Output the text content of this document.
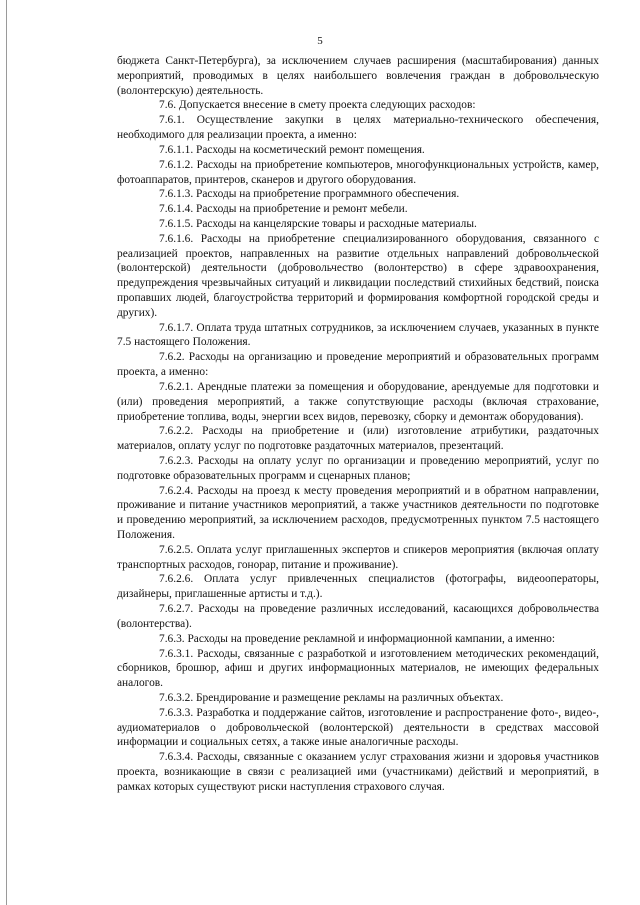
5

бюджета Санкт-Петербурга), за исключением случаев расширения (масштабирования) данных мероприятий, проводимых в целях наибольшего вовлечения граждан в добровольческую (волонтерскую) деятельность.

7.6. Допускается внесение в смету проекта следующих расходов:

7.6.1. Осуществление закупки в целях материально-технического обеспечения, необходимого для реализации проекта, а именно:

7.6.1.1. Расходы на косметический ремонт помещения.

7.6.1.2. Расходы на приобретение компьютеров, многофункциональных устройств, камер, фотоаппаратов, принтеров, сканеров и другого оборудования.

7.6.1.3. Расходы на приобретение программного обеспечения.

7.6.1.4. Расходы на приобретение и ремонт мебели.

7.6.1.5. Расходы на канцелярские товары и расходные материалы.

7.6.1.6. Расходы на приобретение специализированного оборудования, связанного с реализацией проектов, направленных на развитие отдельных направлений добровольческой (волонтерской) деятельности (добровольчество (волонтерство) в сфере здравоохранения, предупреждения чрезвычайных ситуаций и ликвидации последствий стихийных бедствий, поиска пропавших людей, благоустройства территорий и формирования комфортной городской среды и других).

7.6.1.7. Оплата труда штатных сотрудников, за исключением случаев, указанных в пункте 7.5 настоящего Положения.

7.6.2. Расходы на организацию и проведение мероприятий и образовательных программ проекта, а именно:

7.6.2.1. Арендные платежи за помещения и оборудование, арендуемые для подготовки и (или) проведения мероприятий, а также сопутствующие расходы (включая страхование, приобретение топлива, воды, энергии всех видов, перевозку, сборку и демонтаж оборудования).

7.6.2.2. Расходы на приобретение и (или) изготовление атрибутики, раздаточных материалов, оплату услуг по подготовке раздаточных материалов, презентаций.

7.6.2.3. Расходы на оплату услуг по организации и проведению мероприятий, услуг по подготовке образовательных программ и сценарных планов;

7.6.2.4. Расходы на проезд к месту проведения мероприятий и в обратном направлении, проживание и питание участников мероприятий, а также участников деятельности по подготовке и проведению мероприятий, за исключением расходов, предусмотренных пунктом 7.5 настоящего Положения.

7.6.2.5. Оплата услуг приглашенных экспертов и спикеров мероприятия (включая оплату транспортных расходов, гонорар, питание и проживание).

7.6.2.6. Оплата услуг привлеченных специалистов (фотографы, видеооператоры, дизайнеры, приглашенные артисты и т.д.).

7.6.2.7. Расходы на проведение различных исследований, касающихся добровольчества (волонтерства).

7.6.3. Расходы на проведение рекламной и информационной кампании, а именно:

7.6.3.1. Расходы, связанные с разработкой и изготовлением методических рекомендаций, сборников, брошюр, афиш и других информационных материалов, не имеющих федеральных аналогов.

7.6.3.2. Брендирование и размещение рекламы на различных объектах.

7.6.3.3. Разработка и поддержание сайтов, изготовление и распространение фото-, видео-, аудиоматериалов о добровольческой (волонтерской) деятельности в средствах массовой информации и социальных сетях, а также иные аналогичные расходы.

7.6.3.4. Расходы, связанные с оказанием услуг страхования жизни и здоровья участников проекта, возникающие в связи с реализацией ими (участниками) действий и мероприятий, в рамках которых существуют риски наступления страхового случая.
